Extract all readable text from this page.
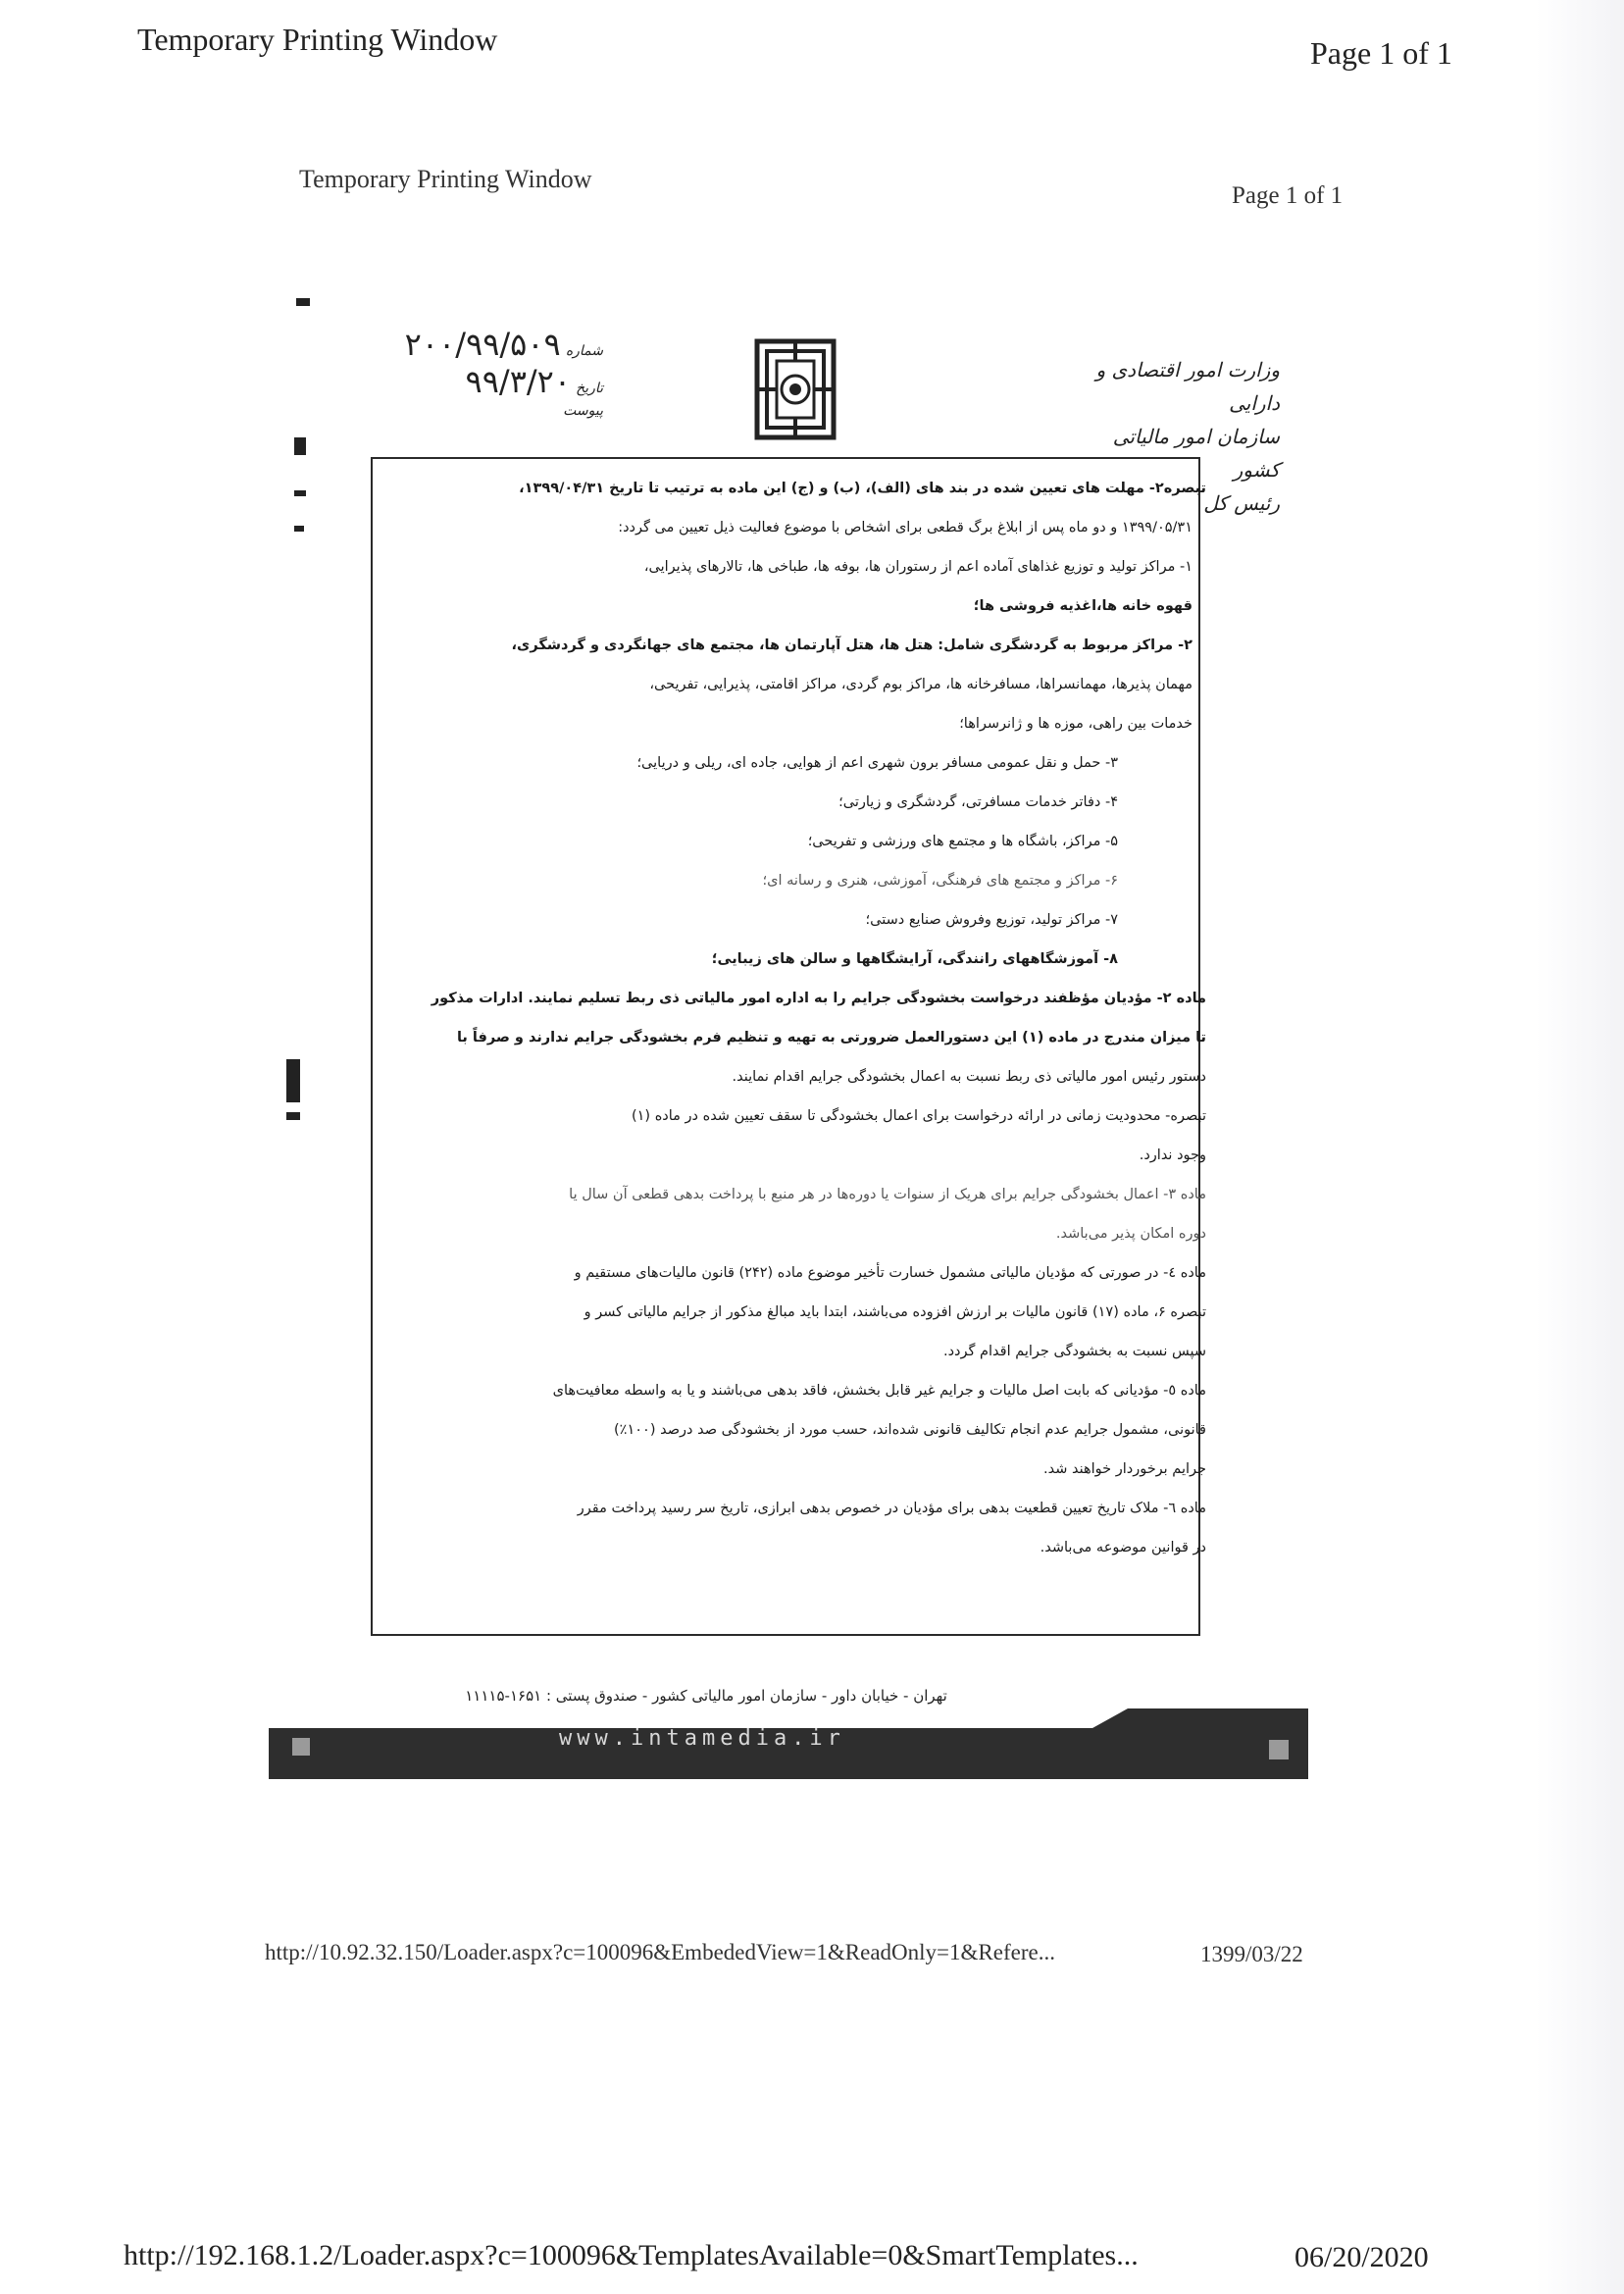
Temporary Printing Window	Page 1 of 1
Temporary Printing Window
Page 1 of 1
وزارت امور اقتصادی و دارایی
سازمان امور مالیاتی کشور
رئیس کل
شماره ۲۰۰/۹۹/۵۰۹
تاریخ ۹۹/۳/۲۰
پیوست
تبصره۲- مهلت های تعیین شده در بند های (الف)، (ب) و (ج) این ماده به ترتیب تا تاریخ ۱۳۹۹/۰۴/۳۱،
۱۳۹۹/۰۵/۳۱ و دو ماه پس از ابلاغ برگ قطعی برای اشخاص با موضوع فعالیت ذیل تعیین می گردد:
۱- مراکز تولید و توزیع غذاهای آماده اعم از رستوران ها، بوفه ها، طباخی ها، تالارهای پذیرایی،
قهوه خانه ها،اغذیه فروشی ها؛
۲- مراکز مربوط به گردشگری شامل: هتل ها، هتل آپارتمان ها، مجتمع های جهانگردی و گردشگری،
مهمان پذیرها، مهمانسراها، مسافرخانه ها، مراکز بوم گردی، مراکز اقامتی، پذیرایی، تفریحی،
خدمات بین راهی، موزه ها و ژانرسراها؛
۳- حمل و نقل عمومی مسافر برون شهری اعم از هوایی، جاده ای، ریلی و دریایی؛
۴- دفاتر خدمات مسافرتی، گردشگری و زیارتی؛
۵- مراکز، باشگاه ها و مجتمع های ورزشی و تفریحی؛
۶- مراکز و مجتمع های فرهنگی، آموزشی، هنری و رسانه ای؛
۷- مراکز تولید، توزیع وفروش صنایع دستی؛
۸- آموزشگاههای رانندگی، آرایشگاهها و سالن های زیبایی؛
ماده ۲- مؤدیان مؤظفند درخواست بخشودگی جرایم را به اداره امور مالیاتی ذی ربط تسلیم نمایند. ادارات مذکور
تا میزان مندرج در ماده (۱) این دستورالعمل ضرورتی به تهیه و تنظیم فرم بخشودگی جرایم ندارند و صرفاً با
دستور رئیس امور مالیاتی ذی ربط نسبت به اعمال بخشودگی جرایم اقدام نمایند.
تبصره- محدودیت زمانی در ارائه درخواست برای اعمال بخشودگی تا سقف تعیین شده در ماده (۱)
وجود ندارد.
ماده ۳- اعمال بخشودگی جرایم برای هریک از سنوات یا دوره‌ها در هر منبع با پرداخت بدهی قطعی آن سال یا
دوره امکان پذیر می‌باشد.
ماده ٤- در صورتی که مؤدیان مالیاتی مشمول خسارت تأخیر موضوع ماده (۲۴۲) قانون مالیات‌های مستقیم و
تبصره ۶، ماده (۱۷) قانون مالیات بر ارزش افزوده می‌باشند، ابتدا باید مبالغ مذکور از جرایم مالیاتی کسر و
سپس نسبت به بخشودگی جرایم اقدام گردد.
ماده ٥- مؤدیانی که بابت اصل مالیات و جرایم غیر قابل بخشش، فاقد بدهی می‌باشند و یا به واسطه معافیت‌های
قانونی، مشمول جرایم عدم انجام تکالیف قانونی شده‌اند، حسب مورد از بخشودگی صد درصد (۱۰۰٪)
جرایم برخوردار خواهند شد.
ماده ٦- ملاک تاریخ تعیین قطعیت بدهی برای مؤدیان در خصوص بدهی ابرازی، تاریخ سر رسید پرداخت مقرر
در قوانین موضوعه می‌باشد.
تهران - خیابان داور - سازمان امور مالیاتی کشور - صندوق پستی : ۱۶۵۱-۱۱۱۱۵
www.intamedia.ir
http://10.92.32.150/Loader.aspx?c=100096&EmbededView=1&ReadOnly=1&Refere...	1399/03/22
http://192.168.1.2/Loader.aspx?c=100096&TemplatesAvailable=0&SmartTemplates...	06/20/2020
